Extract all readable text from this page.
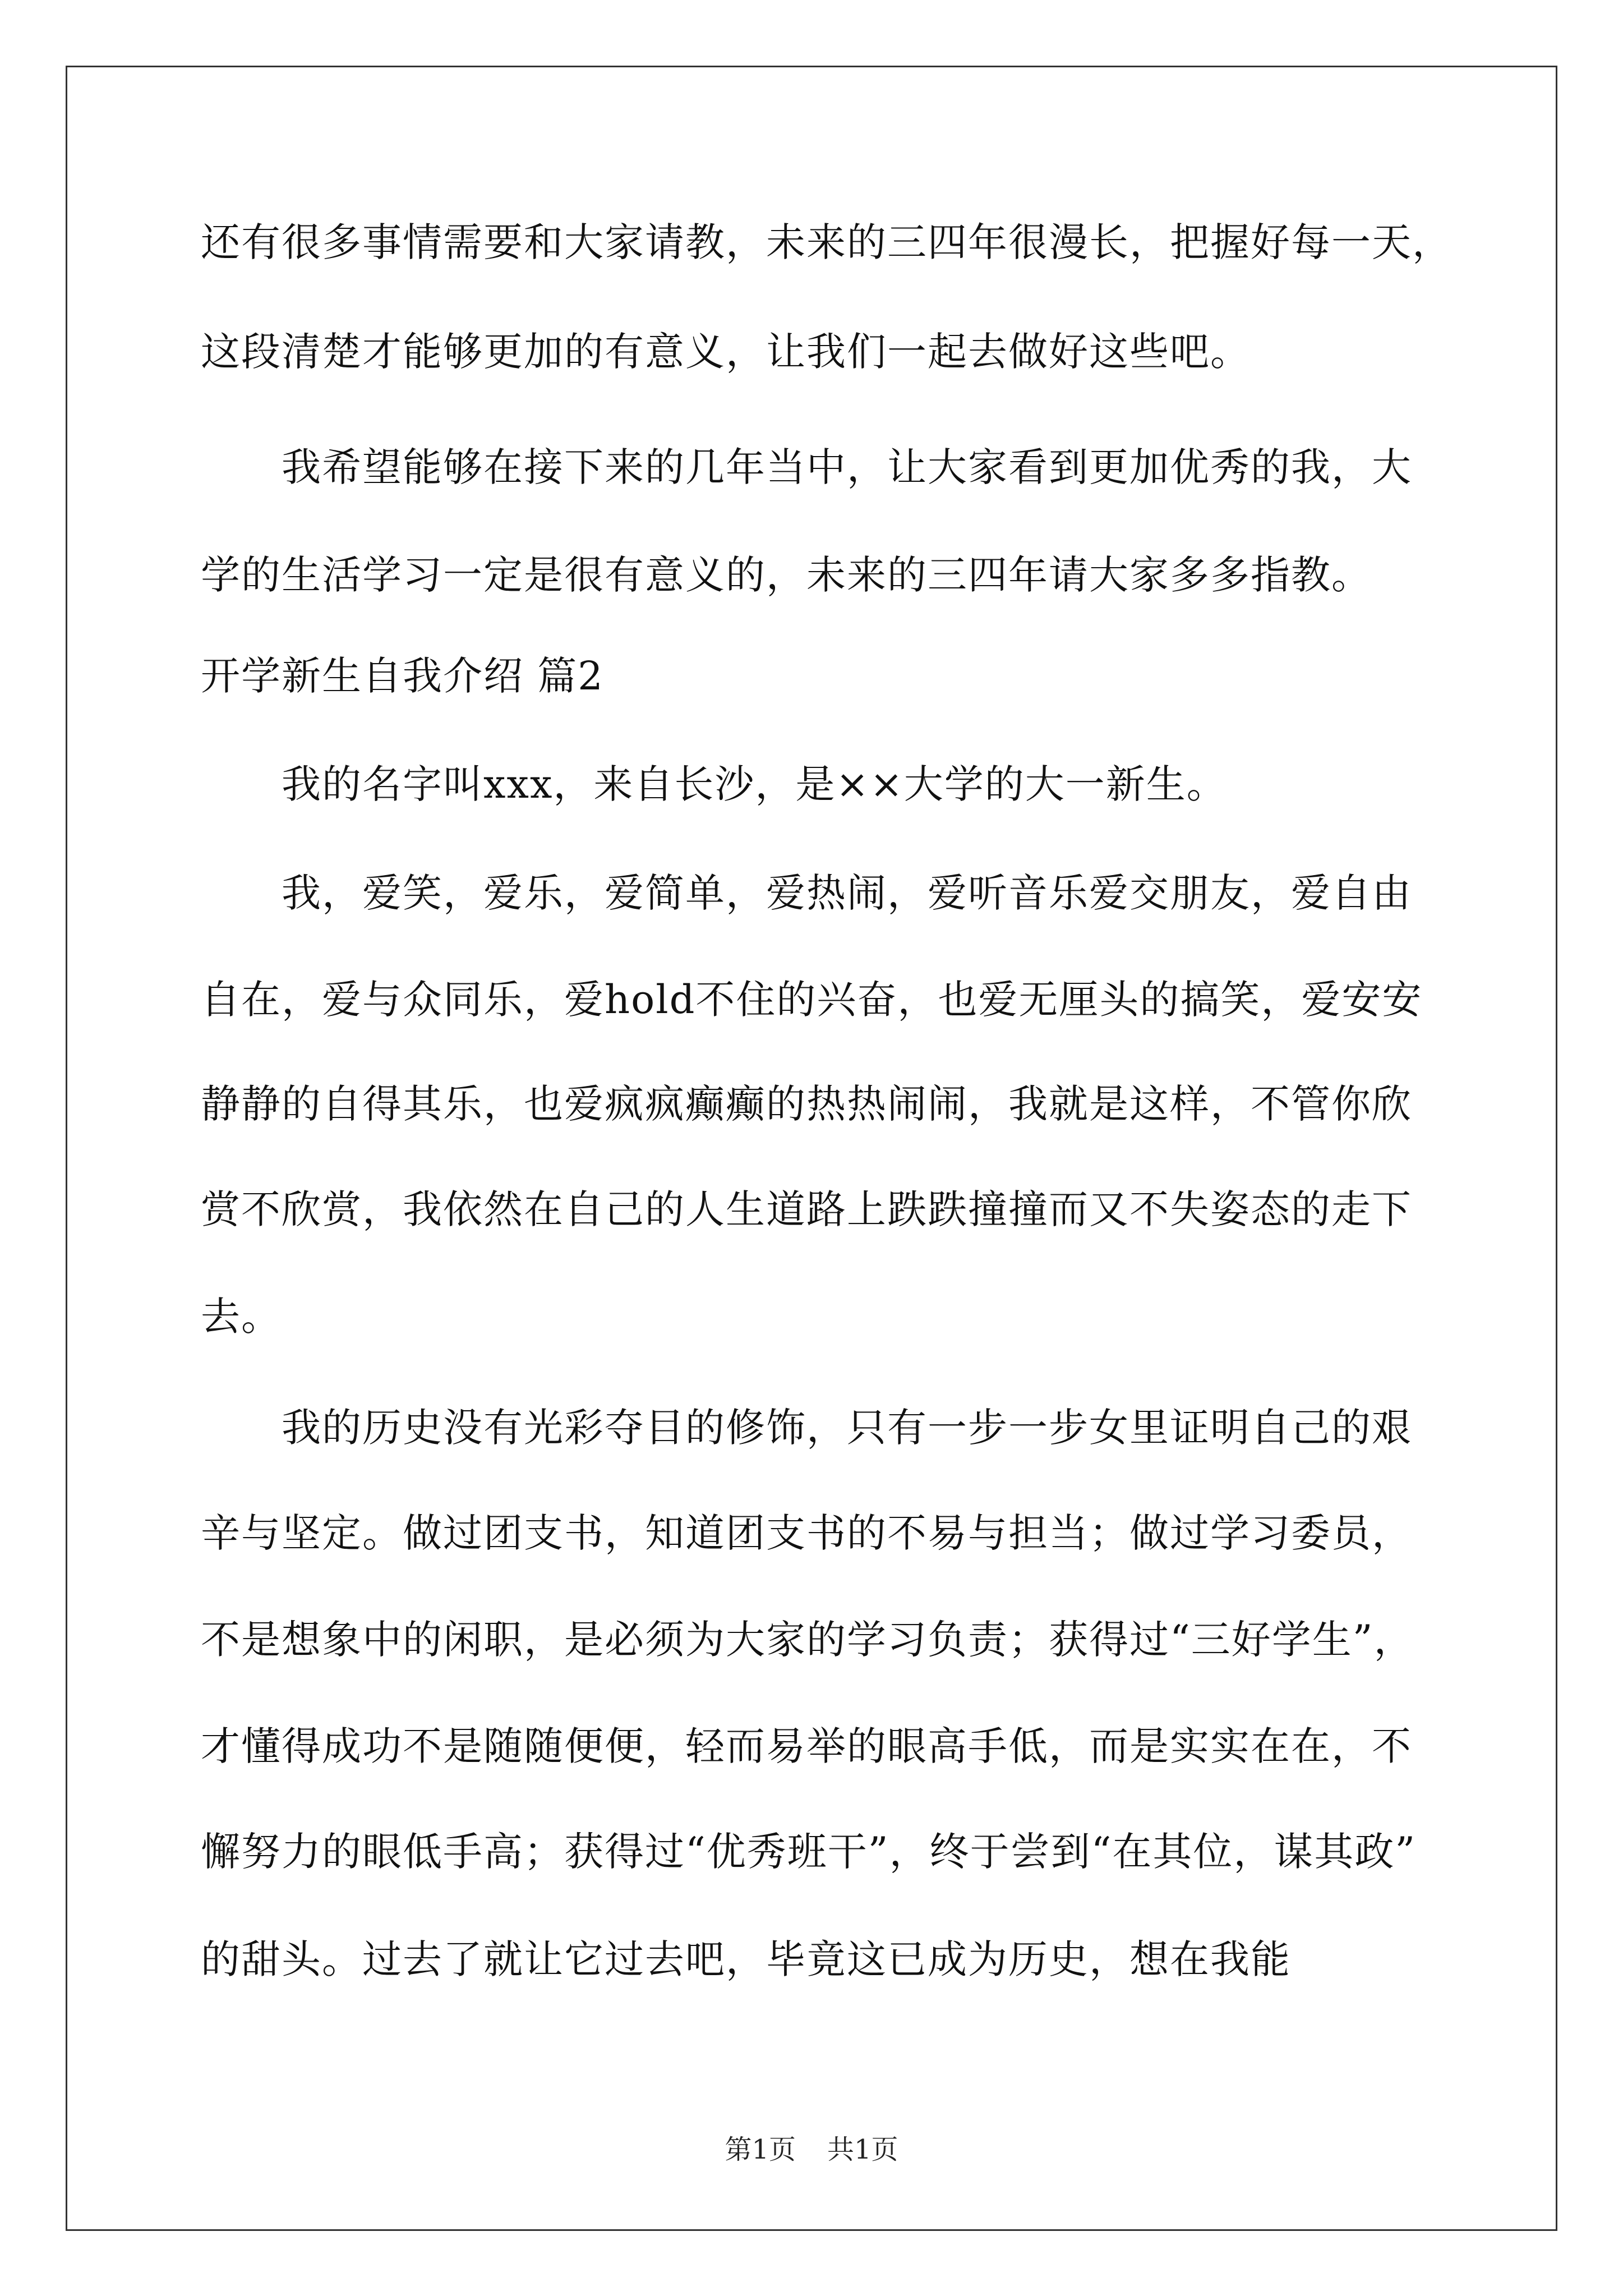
还有很多事情需要和大家请教，未来的三四年很漫长，把握好每一天，
这段清楚才能够更加的有意义，让我们一起去做好这些吧。
　　我希望能够在接下来的几年当中，让大家看到更加优秀的我，大
学的生活学习一定是很有意义的，未来的三四年请大家多多指教。
开学新生自我介绍 篇2
　　我的名字叫xxx，来自长沙，是××大学的大一新生。
　　我，爱笑，爱乐，爱简单，爱热闹，爱听音乐爱交朋友，爱自由
自在，爱与众同乐，爱hold不住的兴奋，也爱无厘头的搞笑，爱安安
静静的自得其乐，也爱疯疯癫癫的热热闹闹，我就是这样，不管你欣
赏不欣赏，我依然在自己的人生道路上跌跌撞撞而又不失姿态的走下
去。
　　我的历史没有光彩夺目的修饰，只有一步一步女里证明自己的艰
辛与坚定。做过团支书，知道团支书的不易与担当；做过学习委员，
不是想象中的闲职，是必须为大家的学习负责；获得过“三好学生”，
才懂得成功不是随随便便，轻而易举的眼高手低，而是实实在在，不
懈努力的眼低手高；获得过“优秀班干”，终于尝到“在其位，谋其政”
的甜头。过去了就让它过去吧，毕竟这已成为历史，想在我能
第1页 共1页
